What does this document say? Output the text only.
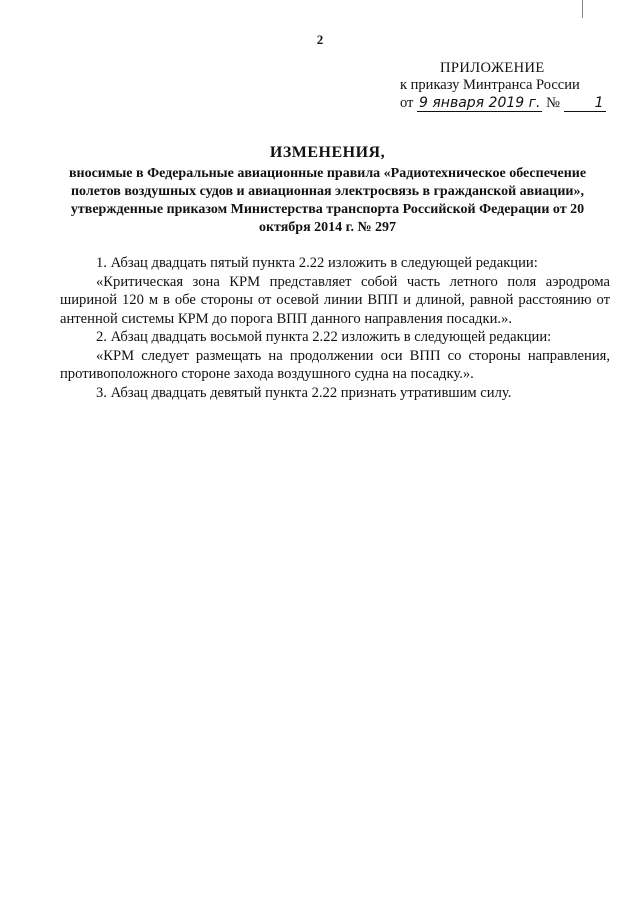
2
ПРИЛОЖЕНИЕ
к приказу Минтранса России
от 9 января 2019 г. № 1
ИЗМЕНЕНИЯ,
вносимые в Федеральные авиационные правила «Радиотехническое обеспечение полетов воздушных судов и авиационная электросвязь в гражданской авиации», утвержденные приказом Министерства транспорта Российской Федерации от 20 октября 2014 г. № 297

1. Абзац двадцать пятый пункта 2.22 изложить в следующей редакции:

«Критическая зона КРМ представляет собой часть летного поля аэродрома шириной 120 м в обе стороны от осевой линии ВПП и длиной, равной расстоянию от антенной системы КРМ до порога ВПП данного направления посадки.».

2. Абзац двадцать восьмой пункта 2.22 изложить в следующей редакции:

«КРМ следует размещать на продолжении оси ВПП со стороны направления, противоположного стороне захода воздушного судна на посадку.».

3. Абзац двадцать девятый пункта 2.22 признать утратившим силу.
